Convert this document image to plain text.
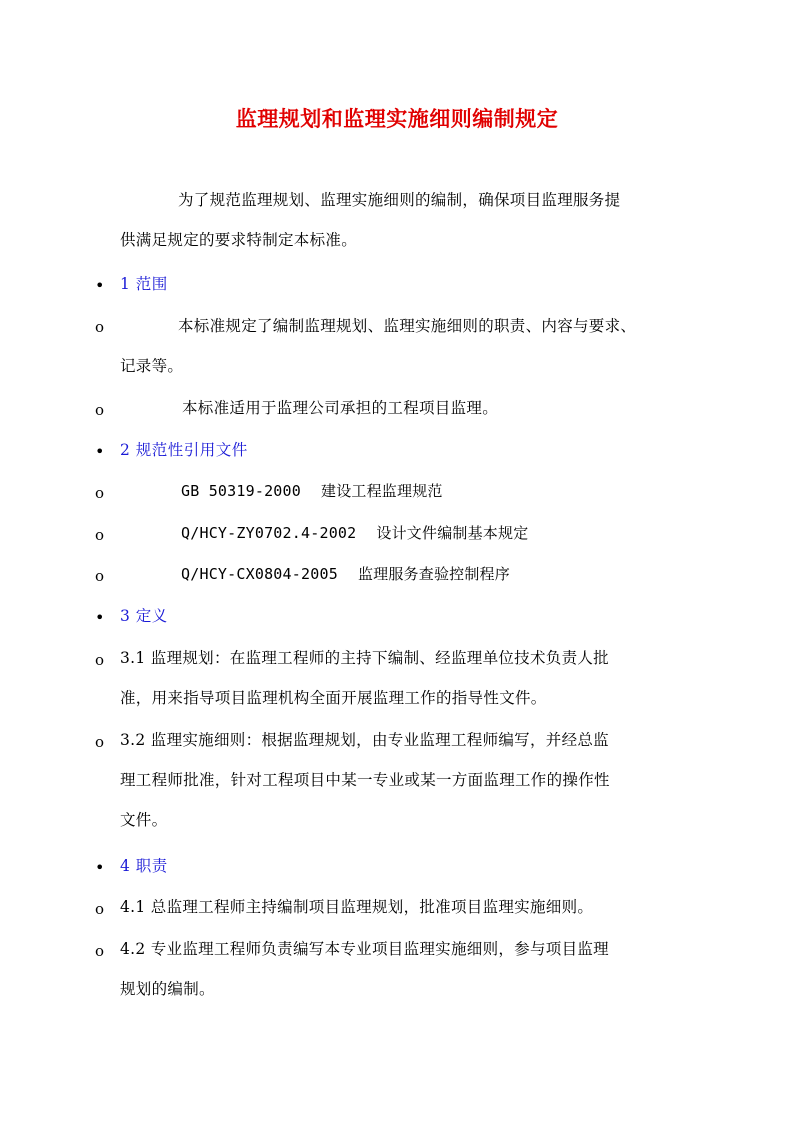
监理规划和监理实施细则编制规定

为了规范监理规划、监理实施细则的编制，确保项目监理服务提

供满足规定的要求特制定本标准。

• 1 范围
o	本标准规定了编制监理规划、监理实施细则的职责、内容与要求、

记录等。

o	本标准适用于监理公司承担的工程项目监理。

• 2 规范性引用文件
o	GB 50319-2000 建设工程监理规范
o	Q/HCY-ZY0702.4-2002 设计文件编制基本规定
o	Q/HCY-CX0804-2005 监理服务查验控制程序
• 3 定义
o 3.1 监理规划：在监理工程师的主持下编制、经监理单位技术负责人批

准，用来指导项目监理机构全面开展监理工作的指导性文件。

o 3.2 监理实施细则：根据监理规划，由专业监理工程师编写，并经总监

理工程师批准，针对工程项目中某一专业或某一方面监理工作的操作性

文件。

• 4 职责
o 4.1 总监理工程师主持编制项目监理规划，批准项目监理实施细则。

o 4.2 专业监理工程师负责编写本专业项目监理实施细则，参与项目监理

规划的编制。
